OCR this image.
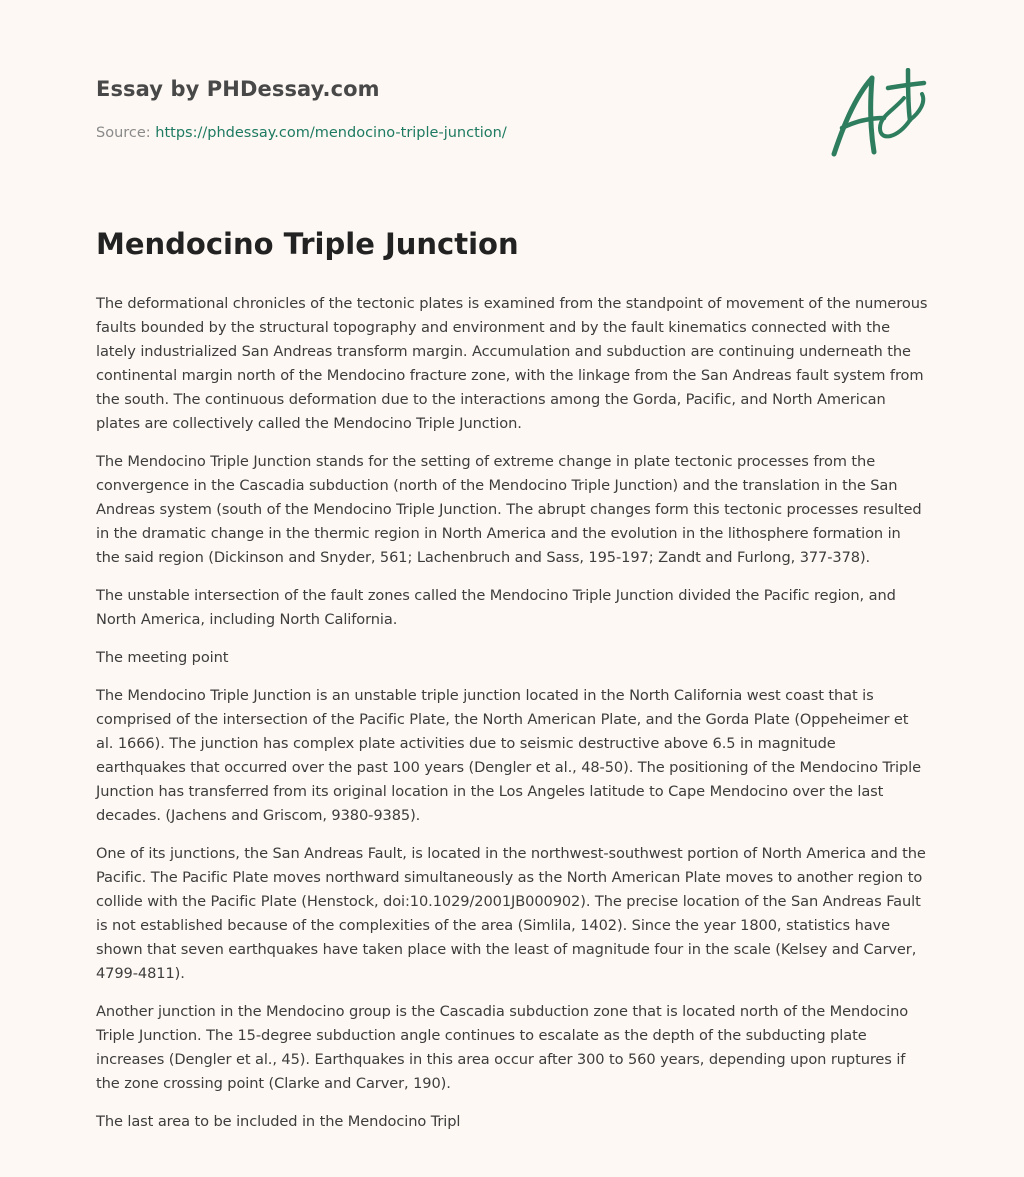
Essay by PHDessay.com
Source: https://phdessay.com/mendocino-triple-junction/
Mendocino Triple Junction

The deformational chronicles of the tectonic plates is examined from the standpoint of movement of the numerous faults bounded by the structural topography and environment and by the fault kinematics connected with the lately industrialized San Andreas transform margin. Accumulation and subduction are continuing underneath the continental margin north of the Mendocino fracture zone, with the linkage from the San Andreas fault system from the south. The continuous deformation due to the interactions among the Gorda, Pacific, and North American plates are collectively called the Mendocino Triple Junction.

The Mendocino Triple Junction stands for the setting of extreme change in plate tectonic processes from the convergence in the Cascadia subduction (north of the Mendocino Triple Junction) and the translation in the San Andreas system (south of the Mendocino Triple Junction. The abrupt changes form this tectonic processes resulted in the dramatic change in the thermic region in North America and the evolution in the lithosphere formation in the said region (Dickinson and Snyder, 561; Lachenbruch and Sass, 195-197; Zandt and Furlong, 377-378).

The unstable intersection of the fault zones called the Mendocino Triple Junction divided the Pacific region, and North America, including North California.

The meeting point

The Mendocino Triple Junction is an unstable triple junction located in the North California west coast that is comprised of the intersection of the Pacific Plate, the North American Plate, and the Gorda Plate (Oppeheimer et al. 1666). The junction has complex plate activities due to seismic destructive above 6.5 in magnitude earthquakes that occurred over the past 100 years (Dengler et al., 48-50). The positioning of the Mendocino Triple Junction has transferred from its original location in the Los Angeles latitude to Cape Mendocino over the last decades. (Jachens and Griscom, 9380-9385).

One of its junctions, the San Andreas Fault, is located in the northwest-southwest portion of North America and the Pacific. The Pacific Plate moves northward simultaneously as the North American Plate moves to another region to collide with the Pacific Plate (Henstock, doi:10.1029/2001JB000902). The precise location of the San Andreas Fault is not established because of the complexities of the area (Simlila, 1402). Since the year 1800, statistics have shown that seven earthquakes have taken place with the least of magnitude four in the scale (Kelsey and Carver, 4799-4811).

Another junction in the Mendocino group is the Cascadia subduction zone that is located north of the Mendocino Triple Junction. The 15-degree subduction angle continues to escalate as the depth of the subducting plate increases (Dengler et al., 45). Earthquakes in this area occur after 300 to 560 years, depending upon ruptures if the zone crossing point (Clarke and Carver, 190).

The last area to be included in the Mendocino Tripl
